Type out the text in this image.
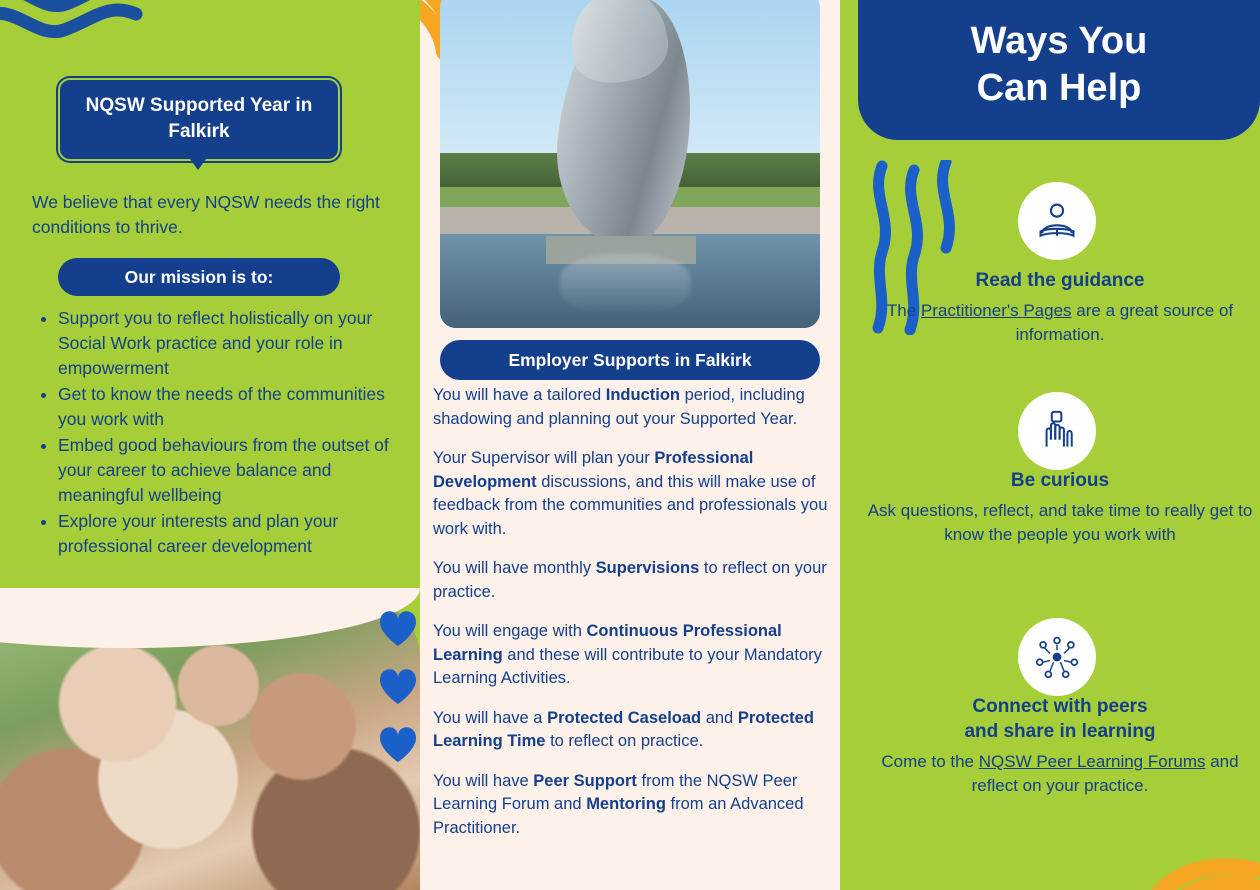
NQSW Supported Year in Falkirk
We believe that every NQSW needs the right conditions to thrive.
Our mission is to:
• Support you to reflect holistically on your Social Work practice and your role in empowerment
• Get to know the needs of the communities you work with
• Embed good behaviours from the outset of your career to achieve balance and meaningful wellbeing
• Explore your interests and plan your professional career development
Employer Supports in Falkirk

You will have a tailored Induction period, including shadowing and planning out your Supported Year.

Your Supervisor will plan your Professional Development discussions, and this will make use of feedback from the communities and professionals you work with.

You will have monthly Supervisions to reflect on your practice.

You will engage with Continuous Professional Learning and these will contribute to your Mandatory Learning Activities.

You will have a Protected Caseload and Protected Learning Time to reflect on practice.

You will have Peer Support from the NQSW Peer Learning Forum and Mentoring from an Advanced Practitioner.

Ways You
Can Help
Read the guidance
The Practitioner's Pages are a great source of information.
Be curious
Ask questions, reflect, and take time to really get to know the people you work with
Connect with peers
and share in learning
Come to the NQSW Peer Learning Forums and reflect on your practice.
